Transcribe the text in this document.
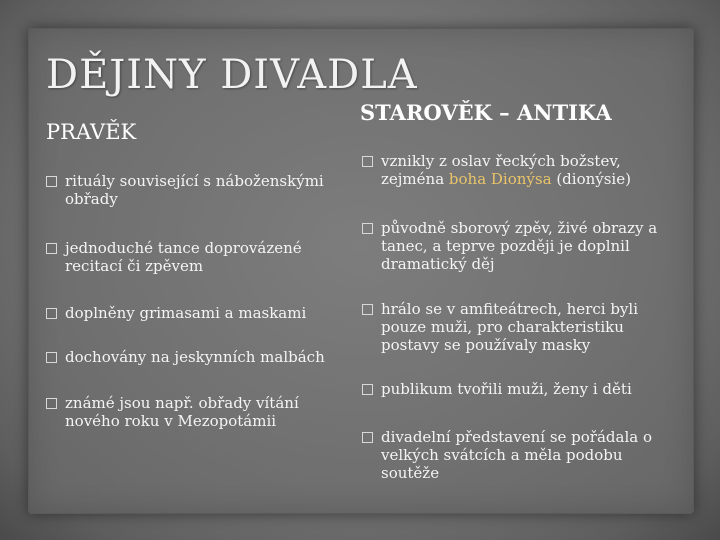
DĚJINY DIVADLA
PRAVĚK
STAROVĚK – ANTIKA
rituály související s náboženskými obřady
jednoduché tance doprovázené recitací či zpěvem
doplněny grimasami a maskami
dochovány na jeskynních malbách
známé jsou např. obřady vítání nového roku v Mezopotámii
vznikly z oslav řeckých božstev, zejména boha Dionýsa (dionýsie)
původně sborový zpěv, živé obrazy a tanec, a teprve později je doplnil dramatický děj
hrálo se v amfiteátrech, herci byli pouze muži, pro charakteristiku postavy se používaly masky
publikum tvořili muži, ženy i děti
divadelní představení se pořádala o velkých svátcích a měla podobu soutěže
